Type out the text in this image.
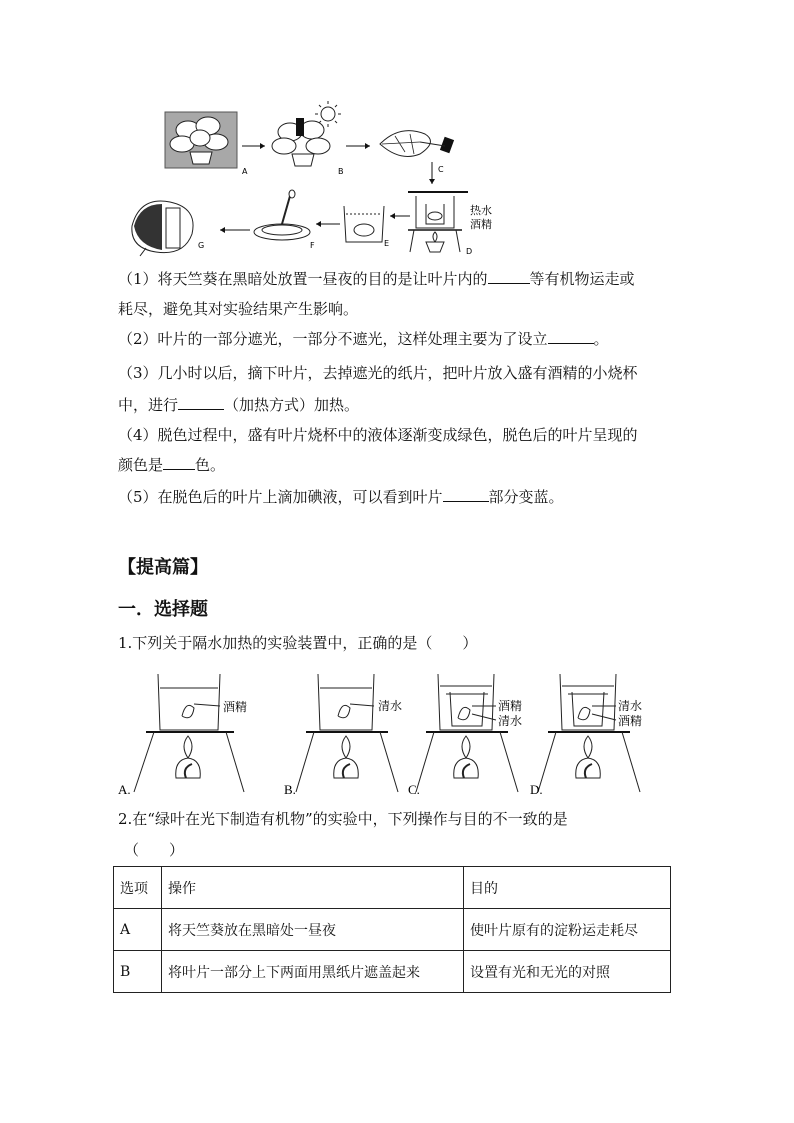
A	B	C
热水
酒精
D
E
F
G
（1）将天竺葵在黑暗处放置一昼夜的目的是让叶片内的	等有机物运走或
耗尽，避免其对实验结果产生影响。
（2）叶片的一部分遮光，一部分不遮光，这样处理主要为了设立	。
（3）几小时以后，摘下叶片，去掉遮光的纸片，把叶片放入盛有酒精的小烧杯
中，进行	（加热方式）加热。
（4）脱色过程中，盛有叶片烧杯中的液体逐渐变成绿色，脱色后的叶片呈现的
颜色是 色。
（5）在脱色后的叶片上滴加碘液，可以看到叶片	部分变蓝。
【提高篇】
一．选择题
1.下列关于隔水加热的实验装置中，正确的是（　　）
酒精
A.
清水
B.
酒精
清水
C.
清水
酒精
D.
2.在“绿叶在光下制造有机物”的实验中，下列操作与目的不一致的是
（　　）
选项	操作	目的
A	将天竺葵放在黑暗处一昼夜	使叶片原有的淀粉运走耗尽
B	将叶片一部分上下两面用黑纸片遮盖起来	设置有光和无光的对照
